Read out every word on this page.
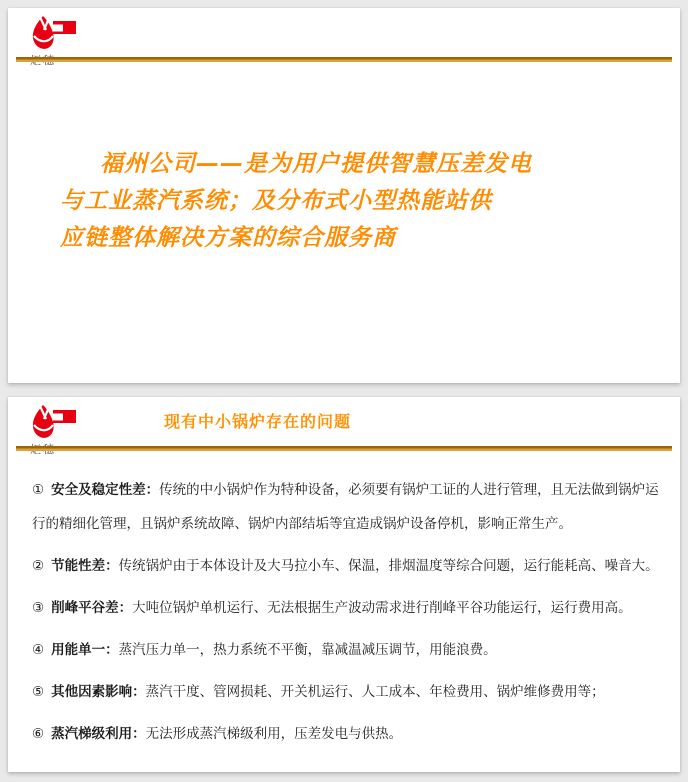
福州公司——是为用户提供智慧压差发电
与工业蒸汽系统；及分布式小型热能站供
应链整体解决方案的综合服务商
现有中小锅炉存在的问题
① 安全及稳定性差：传统的中小锅炉作为特种设备，必须要有锅炉工证的人进行管理，且无法做到锅炉运行的精细化管理，且锅炉系统故障、锅炉内部结垢等宜造成锅炉设备停机，影响正常生产。
② 节能性差：传统锅炉由于本体设计及大马拉小车、保温，排烟温度等综合问题，运行能耗高、噪音大。
③ 削峰平谷差：大吨位锅炉单机运行、无法根据生产波动需求进行削峰平谷功能运行，运行费用高。
④ 用能单一：蒸汽压力单一，热力系统不平衡，靠减温减压调节，用能浪费。
⑤ 其他因素影响：蒸汽干度、管网损耗、开关机运行、人工成本、年检费用、锅炉维修费用等；
⑥ 蒸汽梯级利用：无法形成蒸汽梯级利用，压差发电与供热。
